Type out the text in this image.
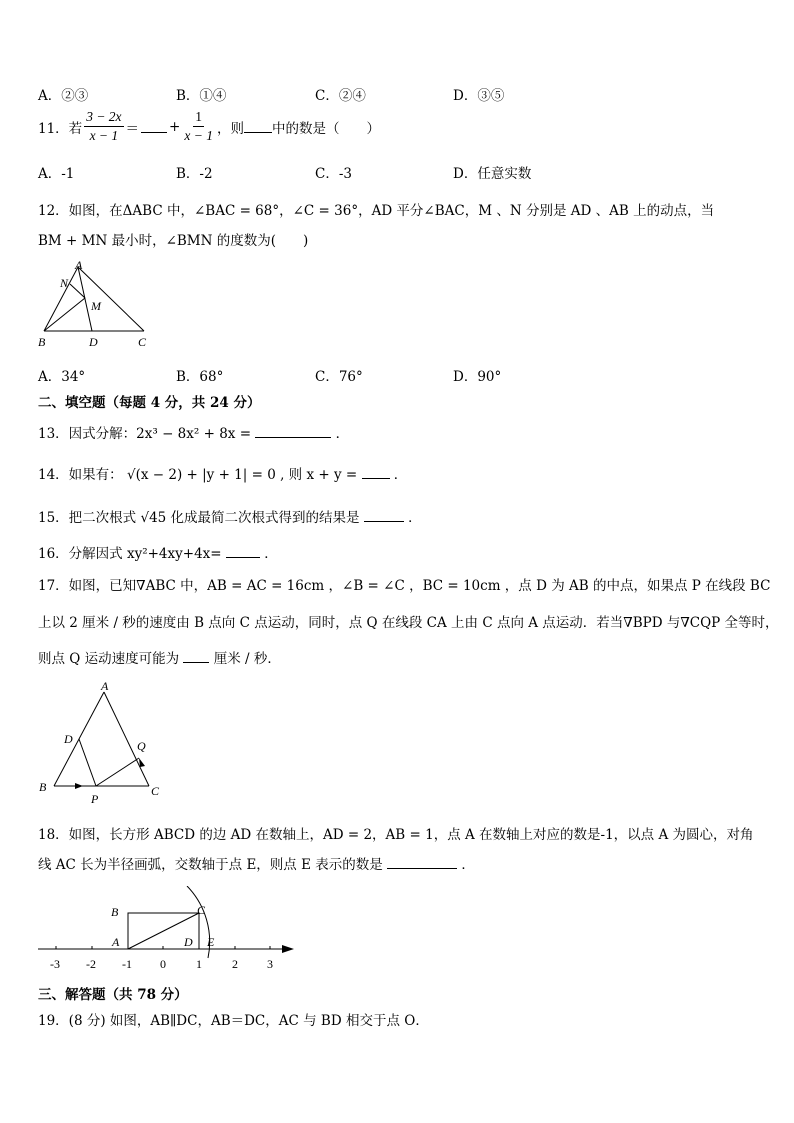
A．②③	B．①④	C．②④	D．③⑤
11．若 $\frac{3 - 2x}{x - 1}$ ＝ + $\frac{1}{x - 1}$ ，则 中的数是（　　）
A．-1	B．-2	C．-3	D．任意实数
12．如图，在ΔABC 中，∠BAC = 68°，∠C = 36°，AD 平分∠BAC，M 、N 分别是 AD 、AB 上的动点，当
BM + MN 最小时，∠BMN 的度数为(　　)
A
N
M
B	D	C
A．34°	B．68°	C．76°	D．90°
二、填空题（每题 4 分，共 24 分）
13．因式分解：2x³ − 8x² + 8x =	．
14．如果有： √(x − 2) + |y + 1| = 0 , 则 x + y =	．
15．把二次根式 √45 化成最简二次根式得到的结果是	．
16．分解因式 xy²+4xy+4x=	．
17．如图，已知∇ABC 中，AB = AC = 16cm ，∠B = ∠C ，BC = 10cm ，点 D 为 AB 的中点，如果点 P 在线段 BC
上以 2 厘米 / 秒的速度由 B 点向 C 点运动，同时，点 Q 在线段 CA 上由 C 点向 A 点运动．若当∇BPD 与∇CQP 全等时，
则点 Q 运动速度可能为	厘米 / 秒．
A
D	Q
B
P
C
18．如图，长方形 ABCD 的边 AD 在数轴上，AD = 2，AB = 1，点 A 在数轴上对应的数是-1，以点 A 为圆心，对角
线 AC 长为半径画弧，交数轴于点 E，则点 E 表示的数是	．
B	C
A	D E
-3 -2 -1 0	1	2 3
三、解答题（共 78 分）
19．(8 分) 如图，AB∥DC，AB＝DC，AC 与 BD 相交于点 O．
